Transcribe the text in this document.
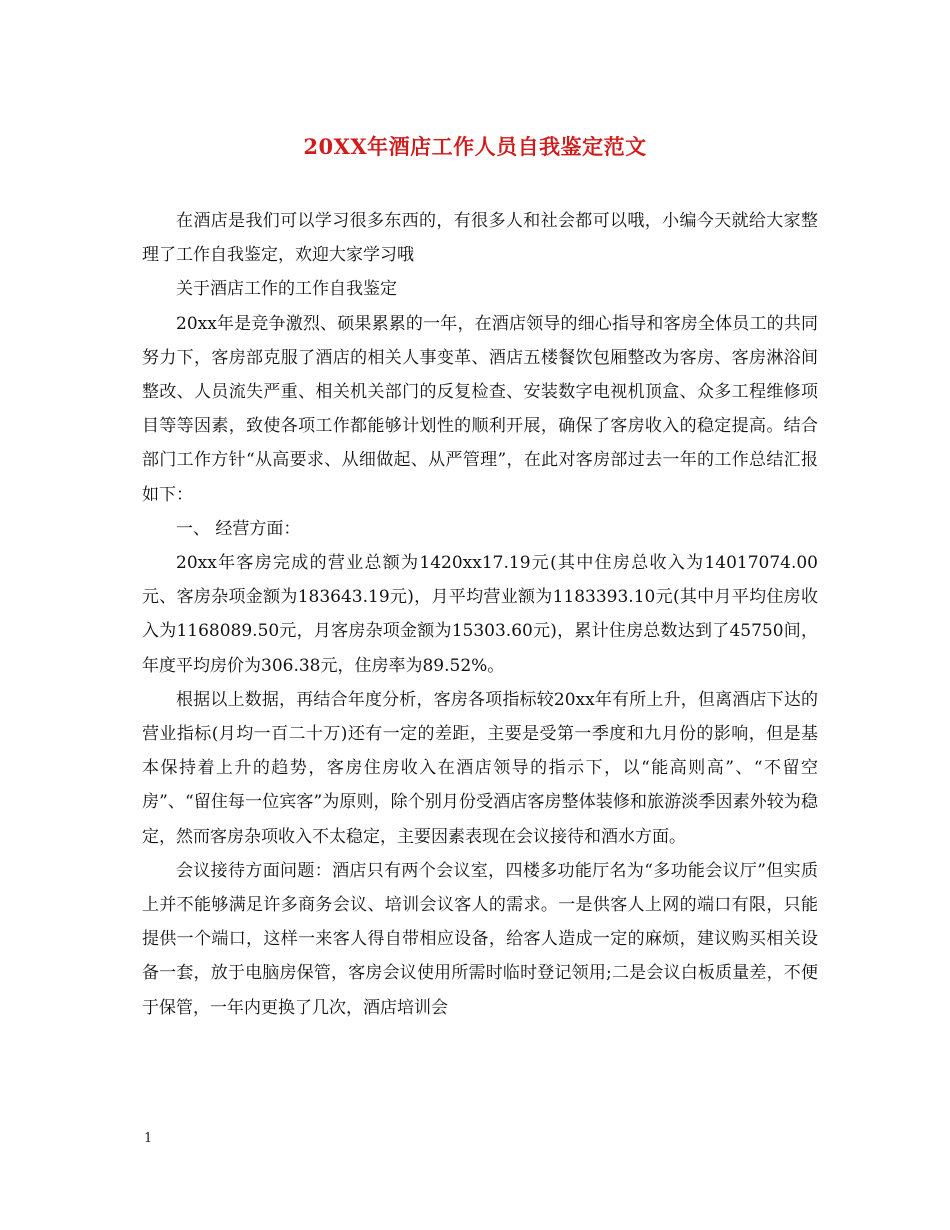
20XX年酒店工作人员自我鉴定范文

在酒店是我们可以学习很多东西的，有很多人和社会都可以哦，小编今天就给大家整理了工作自我鉴定，欢迎大家学习哦

关于酒店工作的工作自我鉴定

20xx年是竞争激烈、硕果累累的一年，在酒店领导的细心指导和客房全体员工的共同努力下，客房部克服了酒店的相关人事变革、酒店五楼餐饮包厢整改为客房、客房淋浴间整改、人员流失严重、相关机关部门的反复检查、安装数字电视机顶盒、众多工程维修项目等等因素，致使各项工作都能够计划性的顺利开展，确保了客房收入的稳定提高。结合部门工作方针“从高要求、从细做起、从严管理”，在此对客房部过去一年的工作总结汇报如下：

一、 经营方面：

20xx年客房完成的营业总额为1420xx17.19元(其中住房总收入为14017074.00元、客房杂项金额为183643.19元)，月平均营业额为1183393.10元(其中月平均住房收入为1168089.50元，月客房杂项金额为15303.60元)，累计住房总数达到了45750间，年度平均房价为306.38元，住房率为89.52%。

根据以上数据，再结合年度分析，客房各项指标较20xx年有所上升，但离酒店下达的营业指标(月均一百二十万)还有一定的差距，主要是受第一季度和九月份的影响，但是基本保持着上升的趋势，客房住房收入在酒店领导的指示下，以“能高则高”、“不留空房”、“留住每一位宾客”为原则，除个别月份受酒店客房整体装修和旅游淡季因素外较为稳定，然而客房杂项收入不太稳定，主要因素表现在会议接待和酒水方面。

会议接待方面问题：酒店只有两个会议室，四楼多功能厅名为“多功能会议厅”但实质上并不能够满足许多商务会议、培训会议客人的需求。一是供客人上网的端口有限，只能提供一个端口，这样一来客人得自带相应设备，给客人造成一定的麻烦，建议购买相关设备一套，放于电脑房保管，客房会议使用所需时临时登记领用;二是会议白板质量差，不便于保管，一年内更换了几次，酒店培训会

1
